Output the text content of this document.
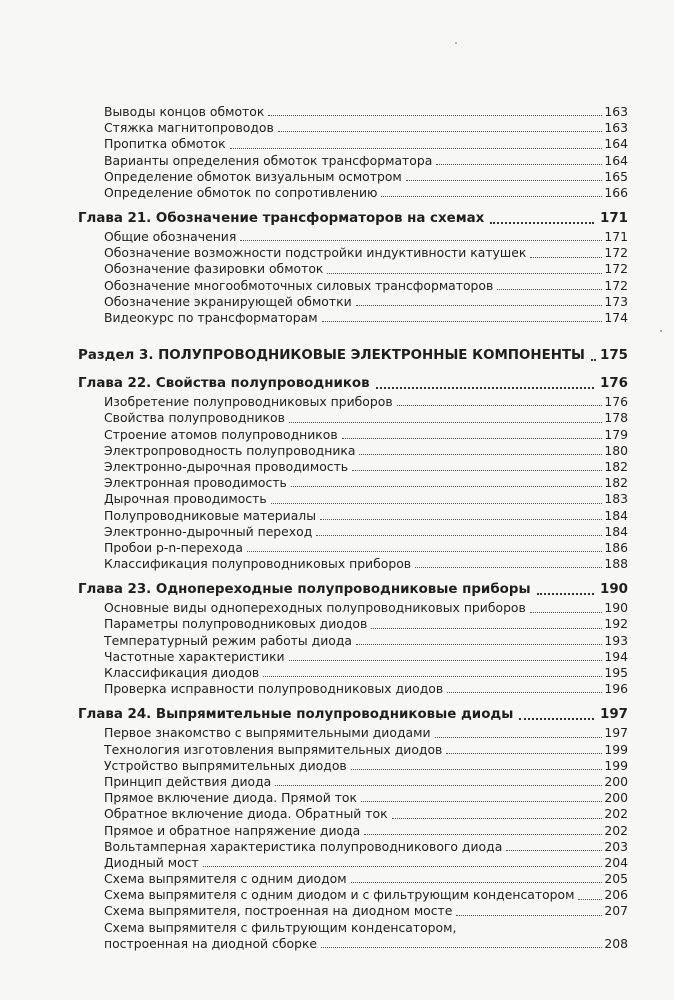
Выводы концов обмоток	163
Стяжка магнитопроводов	163
Пропитка обмоток	164
Варианты определения обмоток трансформатора	164
Определение обмоток визуальным осмотром	165
Определение обмоток по сопротивлению	166
Глава 21. Обозначение трансформаторов на схемах	171
Общие обозначения	171
Обозначение возможности подстройки индуктивности катушек	172
Обозначение фазировки обмоток	172
Обозначение многообмоточных силовых трансформаторов	172
Обозначение экранирующей обмотки	173
Видеокурс по трансформаторам	174
Раздел 3. ПОЛУПРОВОДНИКОВЫЕ ЭЛЕКТРОННЫЕ КОМПОНЕНТЫ 175
Глава 22. Свойства полупроводников	176
Изобретение полупроводниковых приборов	176
Свойства полупроводников	178
Строение атомов полупроводников	179
Электропроводность полупроводника	180
Электронно-дырочная проводимость	182
Электронная проводимость	182
Дырочная проводимость	183
Полупроводниковые материалы	184
Электронно-дырочный переход	184
Пробои p-n-перехода	186
Классификация полупроводниковых приборов	188
Глава 23. Однопереходные полупроводниковые приборы	190
Основные виды однопереходных полупроводниковых приборов	190
Параметры полупроводниковых диодов	192
Температурный режим работы диода	193
Частотные характеристики	194
Классификация диодов	195
Проверка исправности полупроводниковых диодов	196
Глава 24. Выпрямительные полупроводниковые диоды	197
Первое знакомство с выпрямительными диодами	197
Технология изготовления выпрямительных диодов	199
Устройство выпрямительных диодов	199
Принцип действия диода	200
Прямое включение диода. Прямой ток	200
Обратное включение диода. Обратный ток	202
Прямое и обратное напряжение диода	202
Вольтамперная характеристика полупроводникового диода	203
Диодный мост	204
Схема выпрямителя с одним диодом	205
Схема выпрямителя с одним диодом и с фильтрующим конденсатором 206
Схема выпрямителя, построенная на диодном мосте	207
Схема выпрямителя с фильтрующим конденсатором,
построенная на диодной сборке	208
